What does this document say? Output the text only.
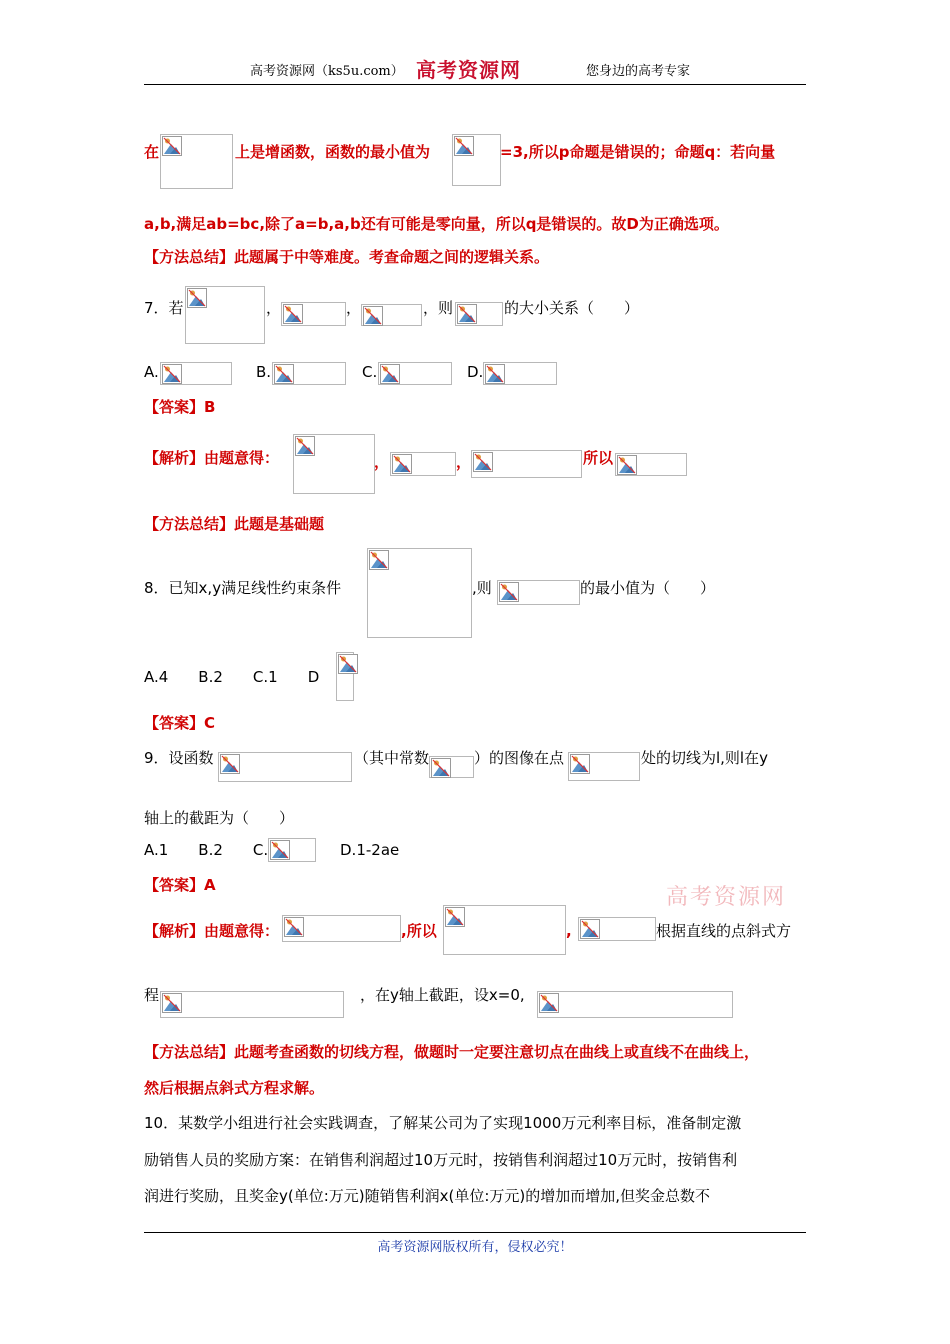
高考资源网（ks5u.com） 高考资源网	您身边的高考专家
在	上是增函数，函数的最小值为	=3,所以p命题是错误的；命题q：若向量
a,b,满足ab=bc,除了a=b,a,b还有可能是零向量，所以q是错误的。故D为正确选项。
【方法总结】此题属于中等难度。考查命题之间的逻辑关系。
7．若	，	，	，则	的大小关系（　　）
A.	B.	C.	D.
【答案】B
【解析】由题意得：	，	，	所以
【方法总结】此题是基础题
8．已知x,y满足线性约束条件	,则	的最小值为（　　）
A.4　　B.2　　C.1　　D
【答案】C
9．设函数	（其中常数	）的图像在点	处的切线为l,则l在y
轴上的截距为（　　）
A.1　　B.2　　C.	D.1-2ae
【答案】A	高考资源网
【解析】由题意得：	,所以	,	根据直线的点斜式方
程	，在y轴上截距，设x=0,
【方法总结】此题考查函数的切线方程，做题时一定要注意切点在曲线上或直线不在曲线上，
然后根据点斜式方程求解。
10．某数学小组进行社会实践调查，了解某公司为了实现1000万元利率目标，准备制定激
励销售人员的奖励方案：在销售利润超过10万元时，按销售利润超过10万元时，按销售利
润进行奖励，且奖金y(单位:万元)随销售利润x(单位:万元)的增加而增加,但奖金总数不
高考资源网版权所有，侵权必究！
